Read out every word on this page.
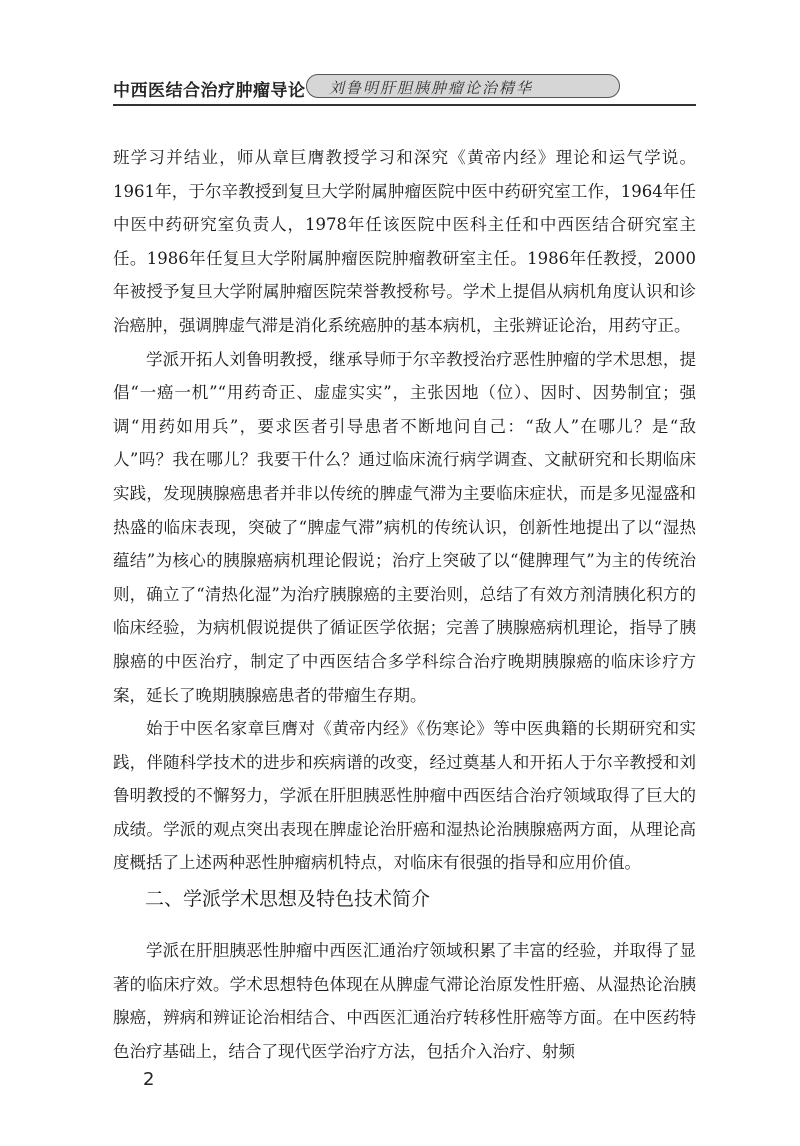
中西医结合治疗肿瘤导论 刘鲁明肝胆胰肿瘤论治精华

班学习并结业，师从章巨膺教授学习和深究《黄帝内经》理论和运气学说。1961年，于尔辛教授到复旦大学附属肿瘤医院中医中药研究室工作，1964年任中医中药研究室负责人，1978年任该医院中医科主任和中西医结合研究室主任。1986年任复旦大学附属肿瘤医院肿瘤教研室主任。1986年任教授，2000年被授予复旦大学附属肿瘤医院荣誉教授称号。学术上提倡从病机角度认识和诊治癌肿，强调脾虚气滞是消化系统癌肿的基本病机，主张辨证论治，用药守正。

学派开拓人刘鲁明教授，继承导师于尔辛教授治疗恶性肿瘤的学术思想，提倡“一癌一机”“用药奇正、虚虚实实”，主张因地（位）、因时、因势制宜；强调“用药如用兵”，要求医者引导患者不断地问自己：“敌人”在哪儿？是“敌人”吗？我在哪儿？我要干什么？通过临床流行病学调查、文献研究和长期临床实践，发现胰腺癌患者并非以传统的脾虚气滞为主要临床症状，而是多见湿盛和热盛的临床表现，突破了“脾虚气滞”病机的传统认识，创新性地提出了以“湿热蕴结”为核心的胰腺癌病机理论假说；治疗上突破了以“健脾理气”为主的传统治则，确立了“清热化湿”为治疗胰腺癌的主要治则，总结了有效方剂清胰化积方的临床经验，为病机假说提供了循证医学依据；完善了胰腺癌病机理论，指导了胰腺癌的中医治疗，制定了中西医结合多学科综合治疗晚期胰腺癌的临床诊疗方案，延长了晚期胰腺癌患者的带瘤生存期。

始于中医名家章巨膺对《黄帝内经》《伤寒论》等中医典籍的长期研究和实践，伴随科学技术的进步和疾病谱的改变，经过奠基人和开拓人于尔辛教授和刘鲁明教授的不懈努力，学派在肝胆胰恶性肿瘤中西医结合治疗领域取得了巨大的成绩。学派的观点突出表现在脾虚论治肝癌和湿热论治胰腺癌两方面，从理论高度概括了上述两种恶性肿瘤病机特点，对临床有很强的指导和应用价值。

二、学派学术思想及特色技术简介

学派在肝胆胰恶性肿瘤中西医汇通治疗领域积累了丰富的经验，并取得了显著的临床疗效。学术思想特色体现在从脾虚气滞论治原发性肝癌、从湿热论治胰腺癌，辨病和辨证论治相结合、中西医汇通治疗转移性肝癌等方面。在中医药特色治疗基础上，结合了现代医学治疗方法，包括介入治疗、射频

2
